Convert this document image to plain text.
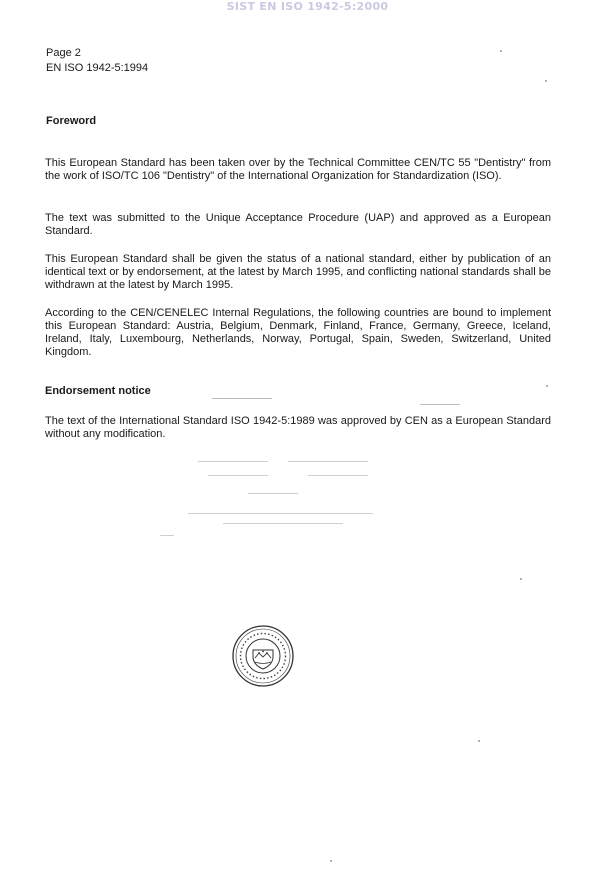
SIST EN ISO 1942-5:2000
Page 2
EN ISO 1942-5:1994
Foreword
This European Standard has been taken over by the Technical Committee CEN/TC 55 "Dentistry" from the work of ISO/TC 106 "Dentistry" of the International Organization for Standardization (ISO).
The text was submitted to the Unique Acceptance Procedure (UAP) and approved as a European Standard.
This European Standard shall be given the status of a national standard, either by publication of an identical text or by endorsement, at the latest by March 1995, and conflicting national standards shall be withdrawn at the latest by March 1995.
According to the CEN/CENELEC Internal Regulations, the following countries are bound to implement this European Standard: Austria, Belgium, Denmark, Finland, France, Germany, Greece, Iceland, Ireland, Italy, Luxembourg, Netherlands, Norway, Portugal, Spain, Sweden, Switzerland, United Kingdom.
Endorsement notice
The text of the International Standard ISO 1942-5:1989 was approved by CEN as a European Standard without any modification.
